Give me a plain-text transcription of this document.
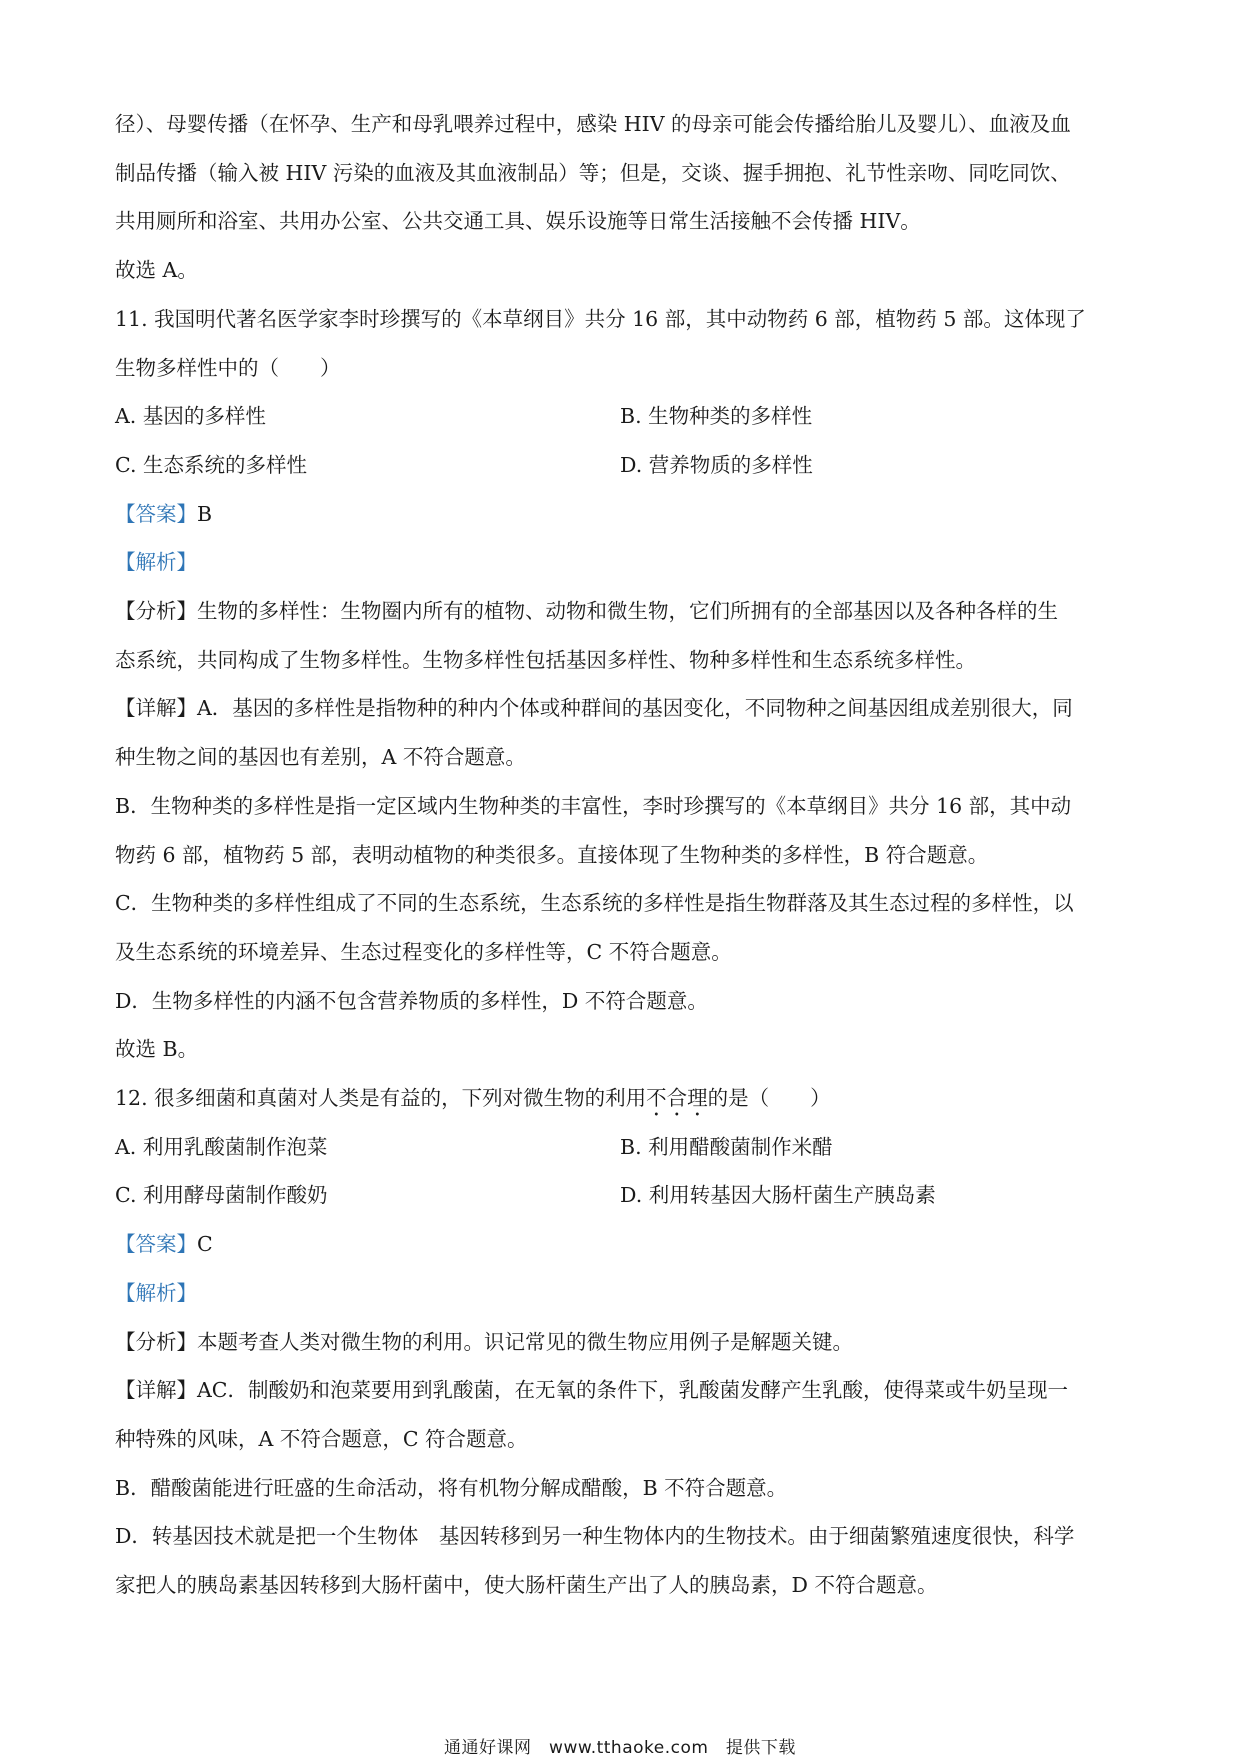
径）、母婴传播（在怀孕、生产和母乳喂养过程中，感染 HIV 的母亲可能会传播给胎儿及婴儿）、血液及血

制品传播（输入被 HIV 污染的血液及其血液制品）等；但是，交谈、握手拥抱、礼节性亲吻、同吃同饮、

共用厕所和浴室、共用办公室、公共交通工具、娱乐设施等日常生活接触不会传播 HIV。

故选 A。

11. 我国明代著名医学家李时珍撰写的《本草纲目》共分 16 部，其中动物药 6 部，植物药 5 部。这体现了

生物多样性中的（　　）

A. 基因的多样性	B. 生物种类的多样性
C. 生态系统的多样性	D. 营养物质的多样性

【答案】B

【解析】

【分析】生物的多样性：生物圈内所有的植物、动物和微生物，它们所拥有的全部基因以及各种各样的生

态系统，共同构成了生物多样性。生物多样性包括基因多样性、物种多样性和生态系统多样性。

【详解】A．基因的多样性是指物种的种内个体或种群间的基因变化，不同物种之间基因组成差别很大，同

种生物之间的基因也有差别，A 不符合题意。

B．生物种类的多样性是指一定区域内生物种类的丰富性，李时珍撰写的《本草纲目》共分 16 部，其中动

物药 6 部，植物药 5 部，表明动植物的种类很多。直接体现了生物种类的多样性，B 符合题意。

C．生物种类的多样性组成了不同的生态系统，生态系统的多样性是指生物群落及其生态过程的多样性，以

及生态系统的环境差异、生态过程变化的多样性等，C 不符合题意。

D．生物多样性的内涵不包含营养物质的多样性，D 不符合题意。

故选 B。

12. 很多细菌和真菌对人类是有益的，下列对微生物的利用不合理的是（　　）

A. 利用乳酸菌制作泡菜	B. 利用醋酸菌制作米醋
C. 利用酵母菌制作酸奶	D. 利用转基因大肠杆菌生产胰岛素

【答案】C

【解析】

【分析】本题考查人类对微生物的利用。识记常见的微生物应用例子是解题关键。

【详解】AC．制酸奶和泡菜要用到乳酸菌，在无氧的条件下，乳酸菌发酵产生乳酸，使得菜或牛奶呈现一

种特殊的风味，A 不符合题意，C 符合题意。

B．醋酸菌能进行旺盛的生命活动，将有机物分解成醋酸，B 不符合题意。

D．转基因技术就是把一个生物体　基因转移到另一种生物体内的生物技术。由于细菌繁殖速度很快，科学

家把人的胰岛素基因转移到大肠杆菌中，使大肠杆菌生产出了人的胰岛素，D 不符合题意。

通通好课网　www.tthaoke.com　提供下载
